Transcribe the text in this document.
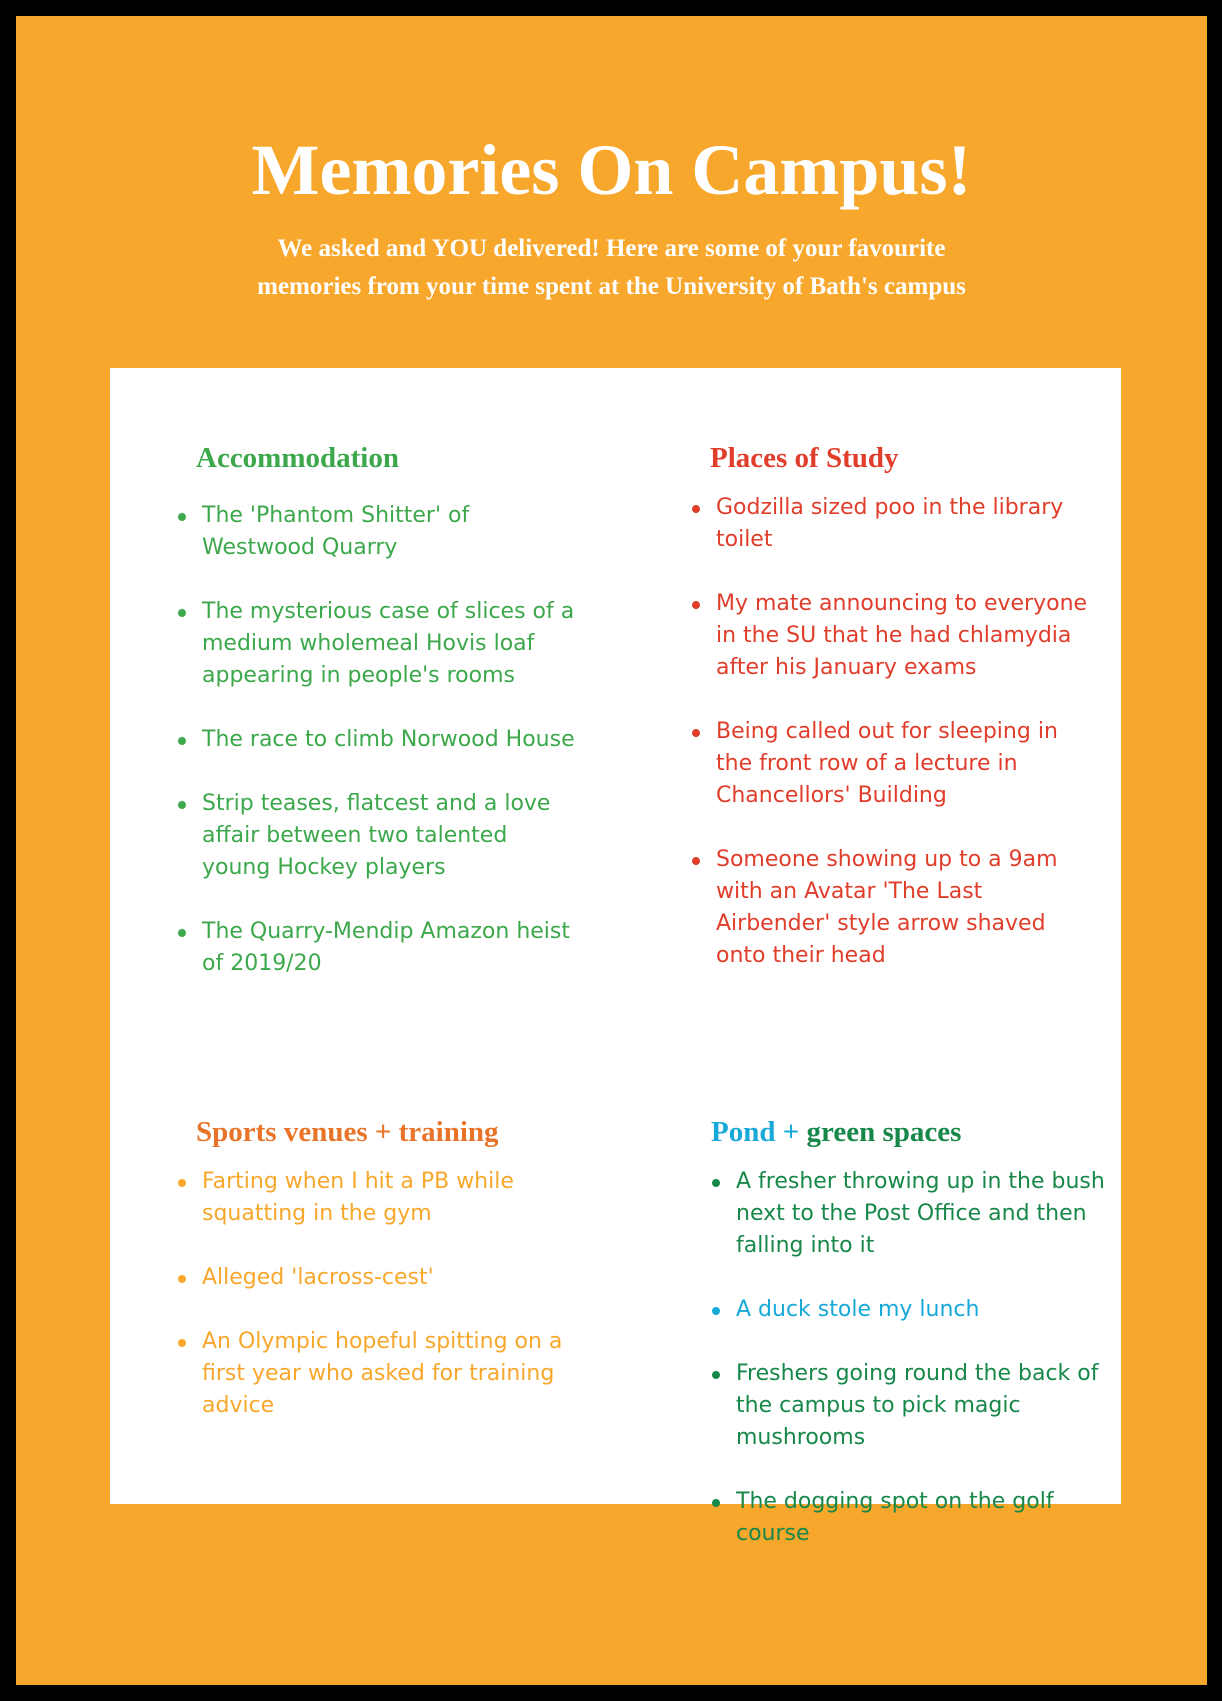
Memories On Campus!
We asked and YOU delivered! Here are some of your favourite
memories from your time spent at the University of Bath's campus
Accommodation
The 'Phantom Shitter' of Westwood Quarry
The mysterious case of slices of a medium wholemeal Hovis loaf appearing in people's rooms
The race to climb Norwood House
Strip teases, flatcest and a love affair between two talented young Hockey players
The Quarry-Mendip Amazon heist of 2019/20
Places of Study
Godzilla sized poo in the library toilet
My mate announcing to everyone in the SU that he had chlamydia after his January exams
Being called out for sleeping in the front row of a lecture in Chancellors' Building
Someone showing up to a 9am with an Avatar 'The Last Airbender' style arrow shaved onto their head
Sports venues + training
Farting when I hit a PB while squatting in the gym
Alleged 'lacross-cest'
An Olympic hopeful spitting on a first year who asked for training advice
Pond + green spaces
A fresher throwing up in the bush next to the Post Office and then falling into it
A duck stole my lunch
Freshers going round the back of the campus to pick magic mushrooms
The dogging spot on the golf course
